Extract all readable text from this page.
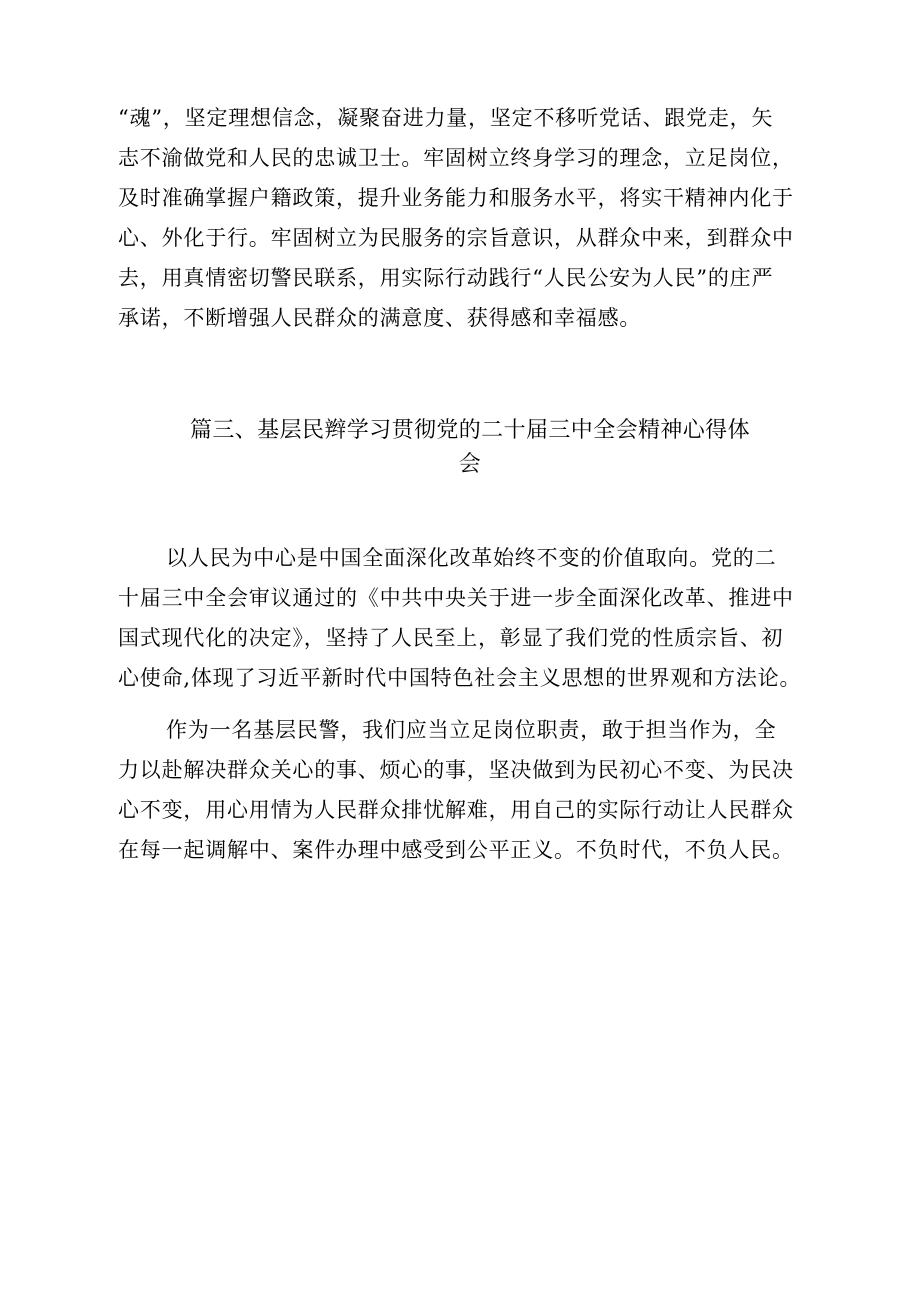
“魂”，坚定理想信念，凝聚奋进力量，坚定不移听党话、跟党走，矢
志不渝做党和人民的忠诚卫士。牢固树立终身学习的理念，立足岗位，
及时准确掌握户籍政策，提升业务能力和服务水平，将实干精神内化于
心、外化于行。牢固树立为民服务的宗旨意识，从群众中来，到群众中
去，用真情密切警民联系，用实际行动践行“人民公安为人民”的庄严
承诺，不断增强人民群众的满意度、获得感和幸福感。
篇三、基层民辫学习贯彻党的二十届三中全会精神心得体
会
以人民为中心是中国全面深化改革始终不变的价值取向。党的二
十届三中全会审议通过的《中共中央关于进一步全面深化改革、推进中
国式现代化的决定》，坚持了人民至上，彰显了我们党的性质宗旨、初
心使命,体现了习近平新时代中国特色社会主义思想的世界观和方法论。
作为一名基层民警，我们应当立足岗位职责，敢于担当作为，全
力以赴解决群众关心的事、烦心的事，坚决做到为民初心不变、为民决
心不变，用心用情为人民群众排忧解难，用自己的实际行动让人民群众
在每一起调解中、案件办理中感受到公平正义。不负时代，不负人民。
